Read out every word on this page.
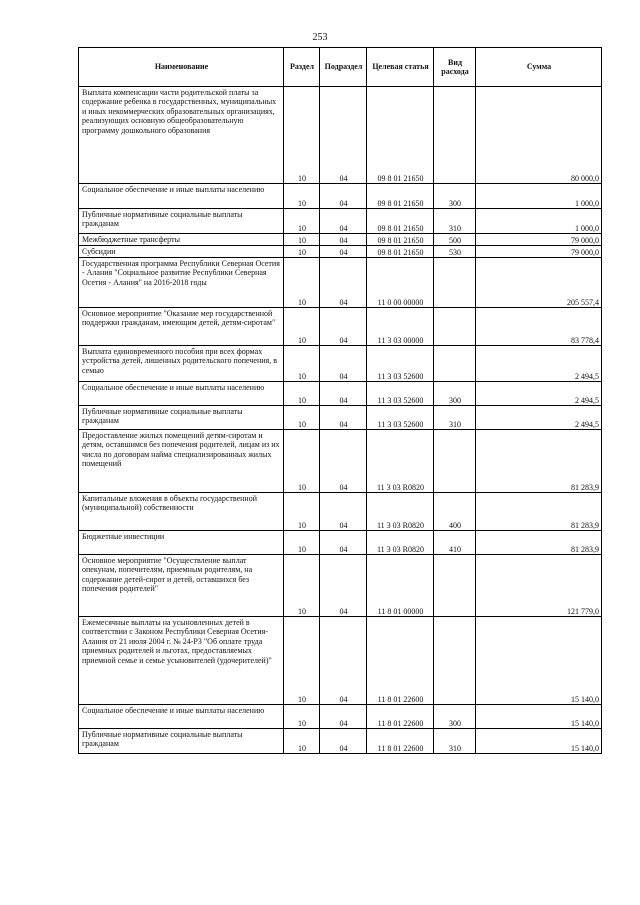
253
Наименование	Раздел	Подраздел	Целевая статья	Вид расхода	Сумма
Выплата компенсации части родительской платы за содержание ребенка в государственных, муниципальных и иных некоммерческих образовательных организациях, реализующих основную общеобразовательную программу дошкольного образования	10	04	09 8 01 21650		80 000,0
Социальное обеспечение и иные выплаты населению	10	04	09 8 01 21650	300	1 000,0
Публичные нормативные социальные выплаты гражданам	10	04	09 8 01 21650	310	1 000,0
Межбюджетные трансферты	10	04	09 8 01 21650	500	79 000,0
Субсидии	10	04	09 8 01 21650	530	79 000,0
Государственная программа Республики Северная Осетия - Алания "Социальное развитие Республики Северная Осетия - Алания" на 2016-2018 годы	10	04	11 0 00 00000		205 557,4
Основное мероприятие "Оказание мер государственной поддержки гражданам, имеющим детей, детям-сиротам"	10	04	11 3 03 00000		83 778,4
Выплата единовременного пособия при всех формах устройства детей, лишенных родительского попечения, в семью	10	04	11 3 03 52600		2 494,5
Социальное обеспечение и иные выплаты населению	10	04	11 3 03 52600	300	2 494,5
Публичные нормативные социальные выплаты гражданам	10	04	11 3 03 52600	310	2 494,5
Предоставление жилых помещений детям-сиротам и детям, оставшимся без попечения родителей, лицам из их числа по договорам найма специализированных жилых помещений	10	04	11 3 03 R0820		81 283,9
Капитальные вложения в объекты государственной (муниципальной) собственности	10	04	11 3 03 R0820	400	81 283,9
Бюджетные инвестиции	10	04	11 3 03 R0820	410	81 283,9
Основное мероприятие "Осуществление выплат опекунам, попечителям, приемным родителям, на содержание детей-сирот и детей, оставшихся без попечения родителей"	10	04	11 8 01 00000		121 779,0
Ежемесячные выплаты на усыновленных детей в соответствии с Законом Республики Северная Осетия-Алания от 21 июля 2004 г. № 24-РЗ "Об оплате труда приемных родителей и льготах, предоставляемых приемной семье и семье усыновителей (удочерителей)"	10	04	11 8 01 22600		15 140,0
Социальное обеспечение и иные выплаты населению	10	04	11 8 01 22600	300	15 140,0
Публичные нормативные социальные выплаты гражданам	10	04	11 8 01 22600	310	15 140,0
